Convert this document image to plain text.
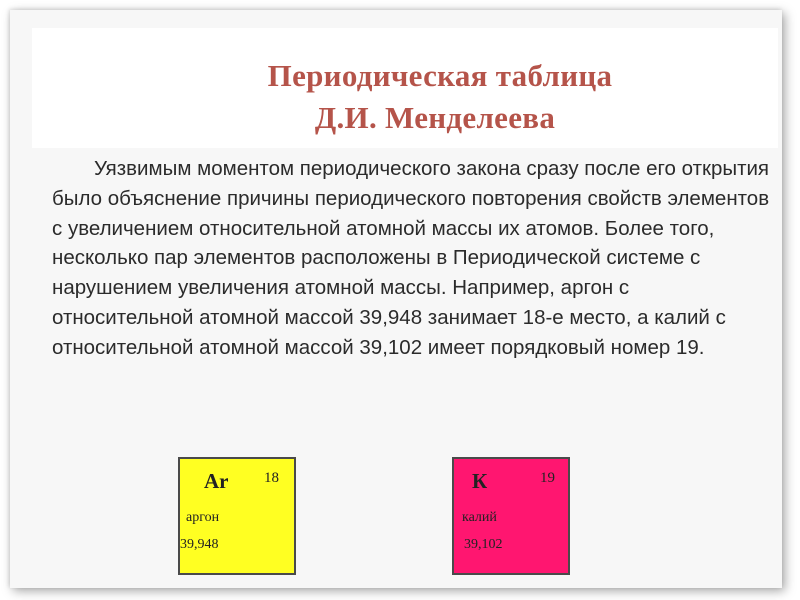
Периодическая таблица
Д.И. Менделеева

Уязвимым моментом периодического закона сразу после его открытия было объяснение причины периодического повторения свойств элементов с увеличением относительной атомной массы их атомов. Более того, несколько пар элементов расположены в Периодической системе с нарушением увеличения атомной массы. Например, аргон с относительной атомной массой 39,948 занимает 18-е место, а калий с относительной атомной массой 39,102 имеет порядковый номер 19.

Ar 18
аргон
39,948
К	19
калий
39,102
